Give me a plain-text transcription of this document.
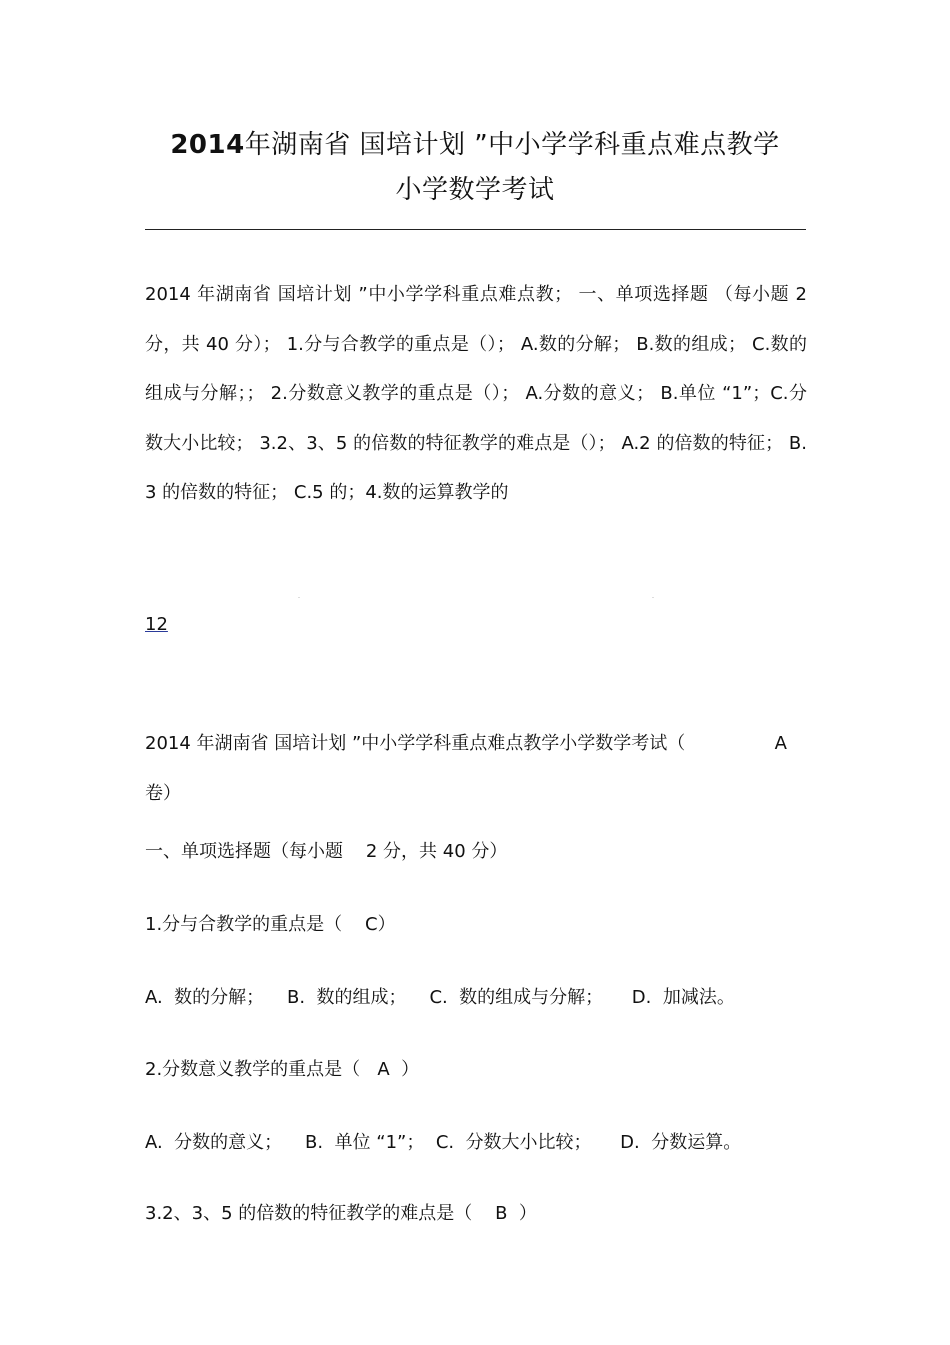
2014年湖南省 国培计划 ”中小学学科重点难点教学
小学数学考试
2014 年湖南省 国培计划 ”中小学学科重点难点教； 一、单项选择题 （每小题 2 分，共 40 分）； 1.分与合教学的重点是（）； A.数的分解； B.数的组成； C.数的组成与分解；； 2.分数意义教学的重点是（）； A.分数的意义； B.单位 “1”；C.分数大小比较； 3.2、3、5 的倍数的特征教学的难点是（）； A.2 的倍数的特征； B.3 的倍数的特征； C.5 的；4.数的运算教学的
12
2014 年湖南省 国培计划 ”中小学学科重点难点教学小学数学考试（	A
卷）
一、单项选择题（每小题    2 分，共 40 分）
1.分与合教学的重点是（    C）
A.  数的分解；    B.  数的组成；    C.  数的组成与分解；     D.  加减法。
2.分数意义教学的重点是（   A  ）
A.  分数的意义；    B.  单位 “1”；  C.  分数大小比较；     D.  分数运算。
3.2、3、5 的倍数的特征教学的难点是（    B  ）
